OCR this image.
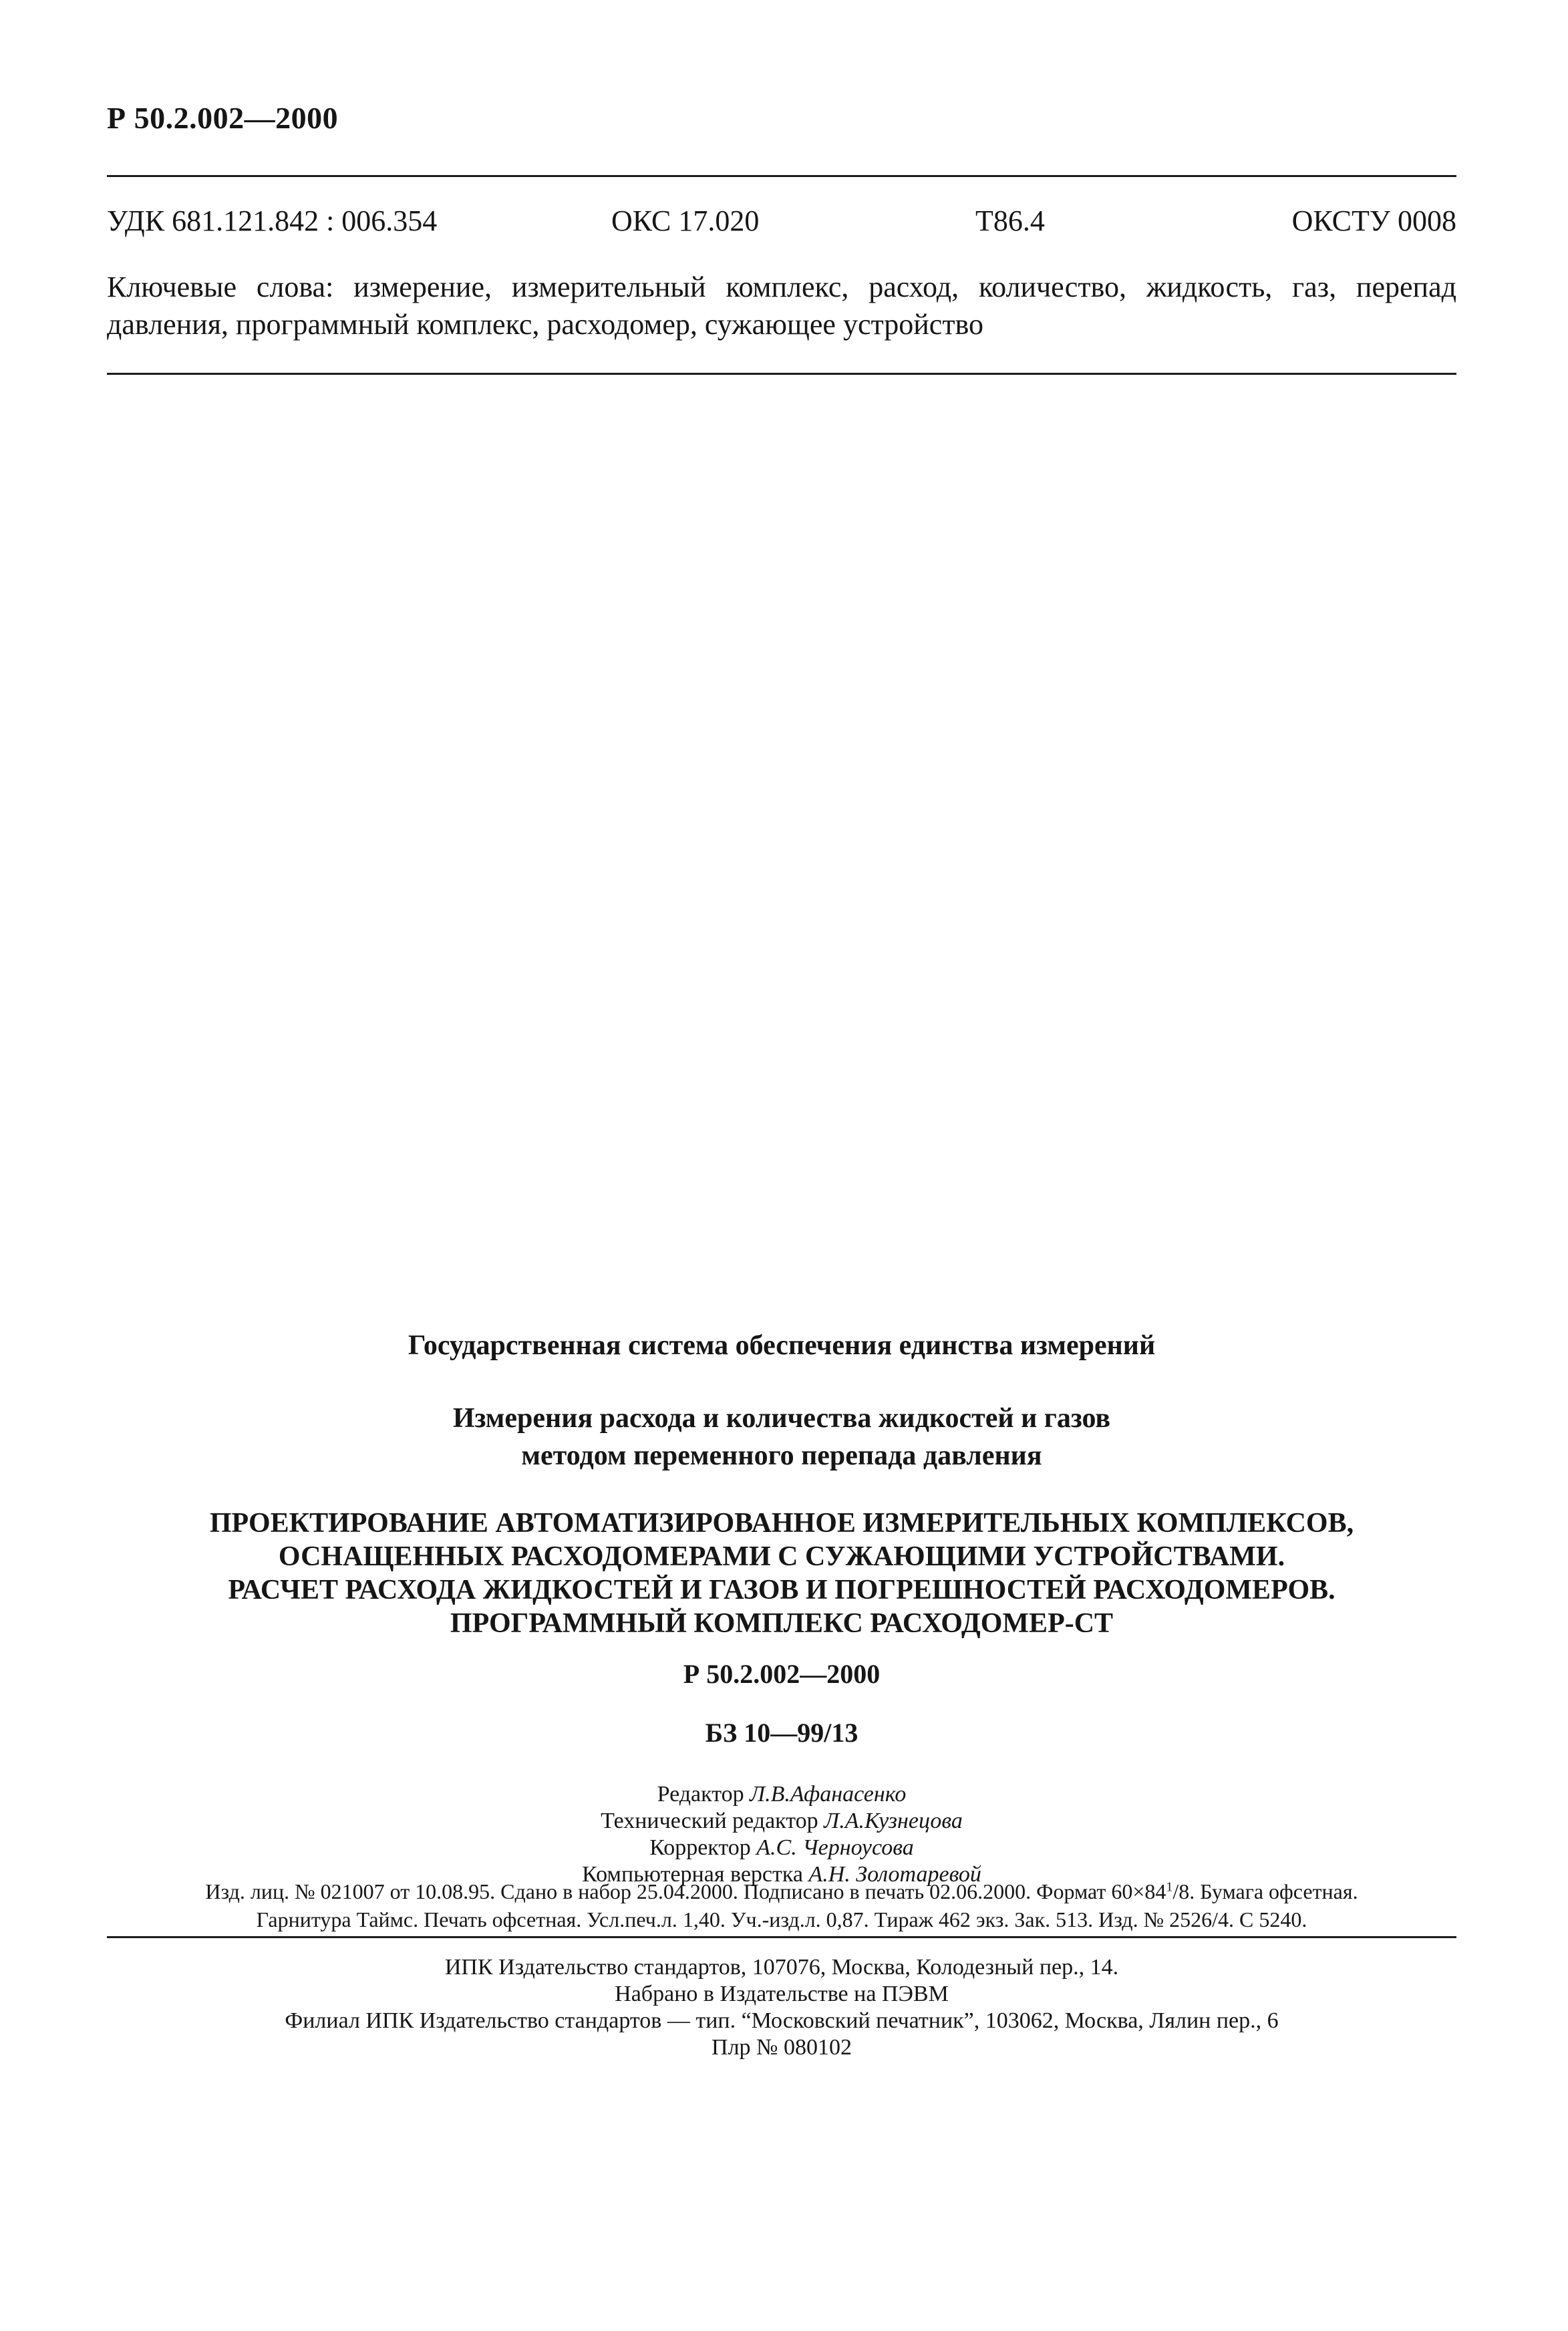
Р 50.2.002—2000
УДК 681.121.842 : 006.354	ОКС 17.020	Т86.4	ОКСТУ 0008
Ключевые слова: измерение, измерительный комплекс, расход, количество, жидкость, газ, перепад давления, программный комплекс, расходомер, сужающее устройство
Государственная система обеспечения единства измерений
Измерения расхода и количества жидкостей и газов
методом переменного перепада давления
ПРОЕКТИРОВАНИЕ АВТОМАТИЗИРОВАННОЕ ИЗМЕРИТЕЛЬНЫХ КОМПЛЕКСОВ,
ОСНАЩЕННЫХ РАСХОДОМЕРАМИ С СУЖАЮЩИМИ УСТРОЙСТВАМИ.
РАСЧЕТ РАСХОДА ЖИДКОСТЕЙ И ГАЗОВ И ПОГРЕШНОСТЕЙ РАСХОДОМЕРОВ.
ПРОГРАММНЫЙ КОМПЛЕКС РАСХОДОМЕР-СТ
Р 50.2.002—2000
БЗ 10—99/13
Редактор Л.В.Афанасенко
Технический редактор Л.А.Кузнецова
Корректор А.С. Черноусова
Компьютерная верстка А.Н. Золотаревой
Изд. лиц. № 021007 от 10.08.95. Сдано в набор 25.04.2000. Подписано в печать 02.06.2000. Формат $60\times 84^1/8$. Бумага офсетная.
Гарнитура Таймс. Печать офсетная. Усл.печ.л. 1,40. Уч.-изд.л. 0,87. Тираж 462 экз. Зак. 513. Изд. № 2526/4. С 5240.
ИПК Издательство стандартов, 107076, Москва, Колодезный пер., 14.
Набрано в Издательстве на ПЭВМ
Филиал ИПК Издательство стандартов — тип. “Московский печатник”, 103062, Москва, Лялин пер., 6
Плр № 080102
